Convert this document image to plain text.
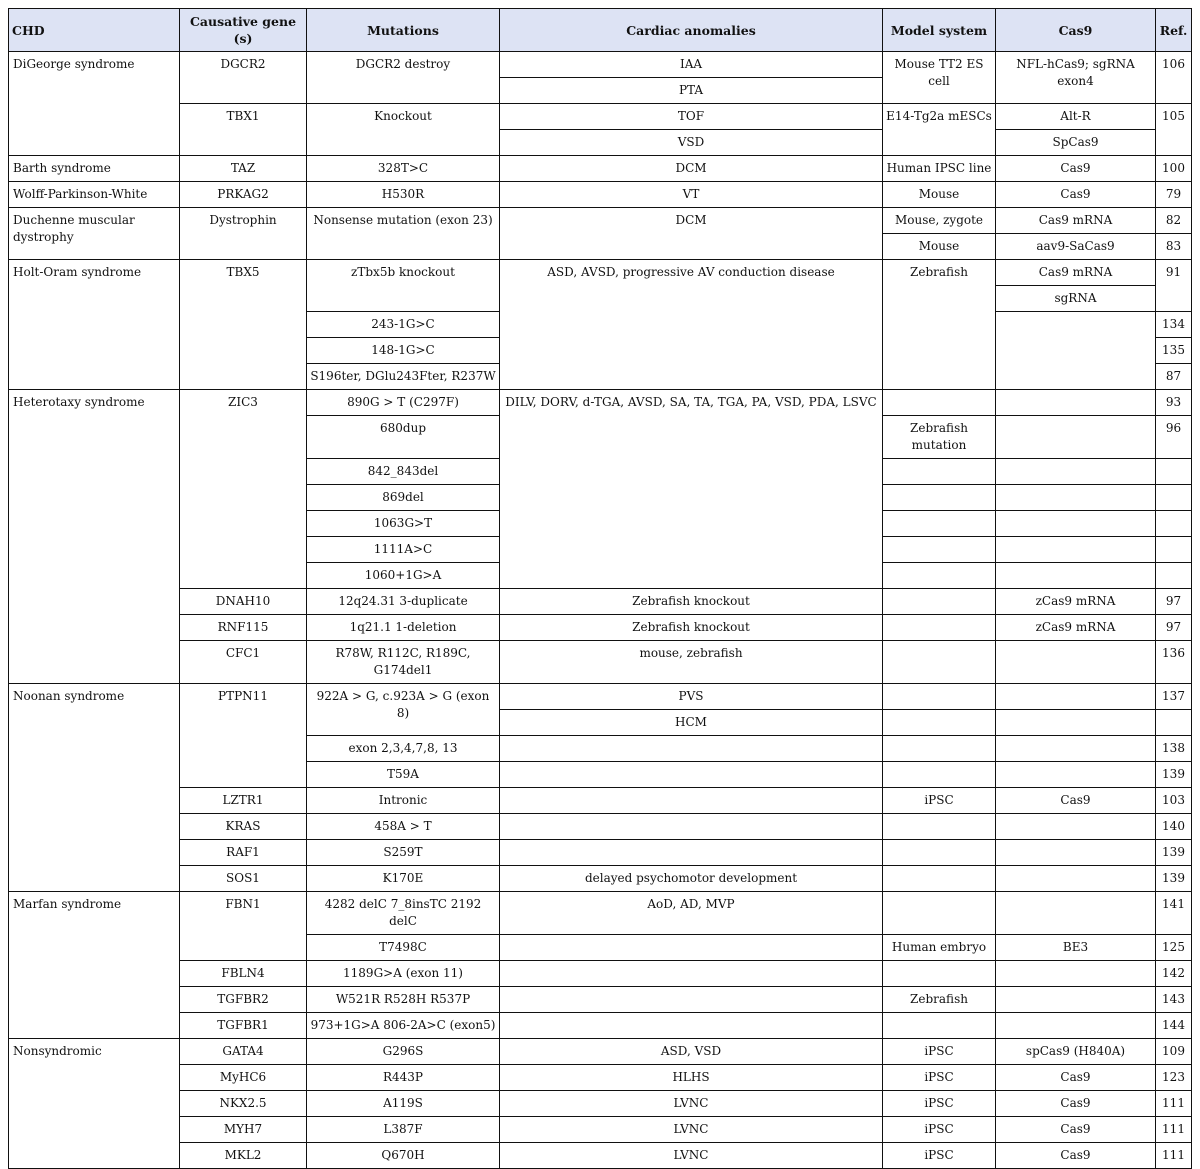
CHD	Causative gene (s)	Mutations	Cardiac anomalies	Model system	Cas9	Ref.
DiGeorge syndrome	DGCR2	DGCR2 destroy	IAA	Mouse TT2 ES cell	NFL-hCas9; sgRNA exon4	106
			PTA			
	TBX1	Knockout	TOF	E14-Tg2a mESCs	Alt-R	105
			VSD		SpCas9	
Barth syndrome	TAZ	328T>C	DCM	Human IPSC line	Cas9	100
Wolff-Parkinson-White	PRKAG2	H530R	VT	Mouse	Cas9	79
Duchenne muscular dystrophy	Dystrophin	Nonsense mutation (exon 23)	DCM	Mouse, zygote	Cas9 mRNA	82
				Mouse	aav9-SaCas9	83
Holt-Oram syndrome	TBX5	zTbx5b knockout	ASD, AVSD, progressive AV conduction disease	Zebrafish	Cas9 mRNA	91
					sgRNA	
		243-1G>C				134
		148-1G>C				135
		S196ter, DGlu243Fter, R237W				87
Heterotaxy syndrome	ZIC3	890G > T (C297F)	DILV, DORV, d-TGA, AVSD, SA, TA, TGA, PA, VSD, PDA, LSVC			93
		680dup		Zebrafish mutation		96
		842_843del				
		869del				
		1063G>T				
		1111A>C				
		1060+1G>A				
	DNAH10	12q24.31 3-duplicate	Zebrafish knockout		zCas9 mRNA	97
	RNF115	1q21.1 1-deletion	Zebrafish knockout		zCas9 mRNA	97
	CFC1	R78W, R112C, R189C, G174del1	mouse, zebrafish			136
Noonan syndrome	PTPN11	922A > G, c.923A > G (exon 8)	PVS			137
			HCM			
		exon 2,3,4,7,8, 13				138
		T59A				139
	LZTR1	Intronic		iPSC	Cas9	103
	KRAS	458A > T				140
	RAF1	S259T				139
	SOS1	K170E	delayed psychomotor development			139
Marfan syndrome	FBN1	4282 delC 7_8insTC 2192 delC	AoD, AD, MVP			141
		T7498C		Human embryo	BE3	125
	FBLN4	1189G>A (exon 11)				142
	TGFBR2	W521R R528H R537P		Zebrafish		143
	TGFBR1	973+1G>A 806-2A>C (exon5)				144
Nonsyndromic	GATA4	G296S	ASD, VSD	iPSC	spCas9 (H840A)	109
	MyHC6	R443P	HLHS	iPSC	Cas9	123
	NKX2.5	A119S	LVNC	iPSC	Cas9	111
	MYH7	L387F	LVNC	iPSC	Cas9	111
	MKL2	Q670H	LVNC	iPSC	Cas9	111
